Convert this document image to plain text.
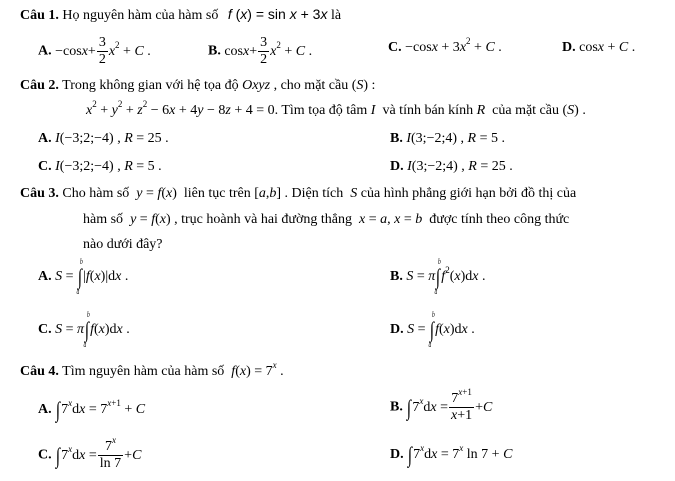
Câu 1. Họ nguyên hàm của hàm số f (x) = sin x + 3x là
A. $-\cos x+ \frac{3}{2} x^2 + C$ .	B. $\cos x+ \frac{3}{2} x^2 + C$ .	C. $-\cos x + 3x^2 + C$ .	D. cosx + C .
Câu 2. Trong không gian với hệ tọa độ Oxyz , cho mặt cầu (S) :
$x^2 + y^2 + z^2 - 6x + 4y - 8z + 4 = 0$. Tìm tọa độ tâm I  và tính bán kính R  của mặt cầu (S) .
A. I(−3;2;−4) , R = 25 .	B. I(3;−2;4) , R = 5 .
C. I(−3;2;−4) , R = 5 .	D. I(3;−2;4) , R = 25 .
Câu 3. Cho hàm số  y = f(x)  liên tục trên [a,b] . Diện tích  S của hình phẳng giới hạn bởi đồ thị của
hàm số  y = f(x) , trục hoành và hai đường thẳng  x = a, x = b  được tính theo công thức
nào dưới đây?
A. S = ∫
b
a
|f(x)|dx .	B. S = π∫
b
a
$f^2(x)dx$ .
C. S = π∫
b
a
f(x)dx .	D. S = ∫
b
a
f(x)dx .
Câu 4. Tìm nguyên hàm của hàm số $f(x) = 7^x$ .
A. $\int 7^xdx = 7^{x+1} + C$	B. $\int 7^xdx = \frac{7^{x+1}}{x+1} +C$
C. $\int 7^xdx = \frac{7^x}{\ln 7} +C$	D. $\int 7^xdx = 7^x$ ln 7 + C
